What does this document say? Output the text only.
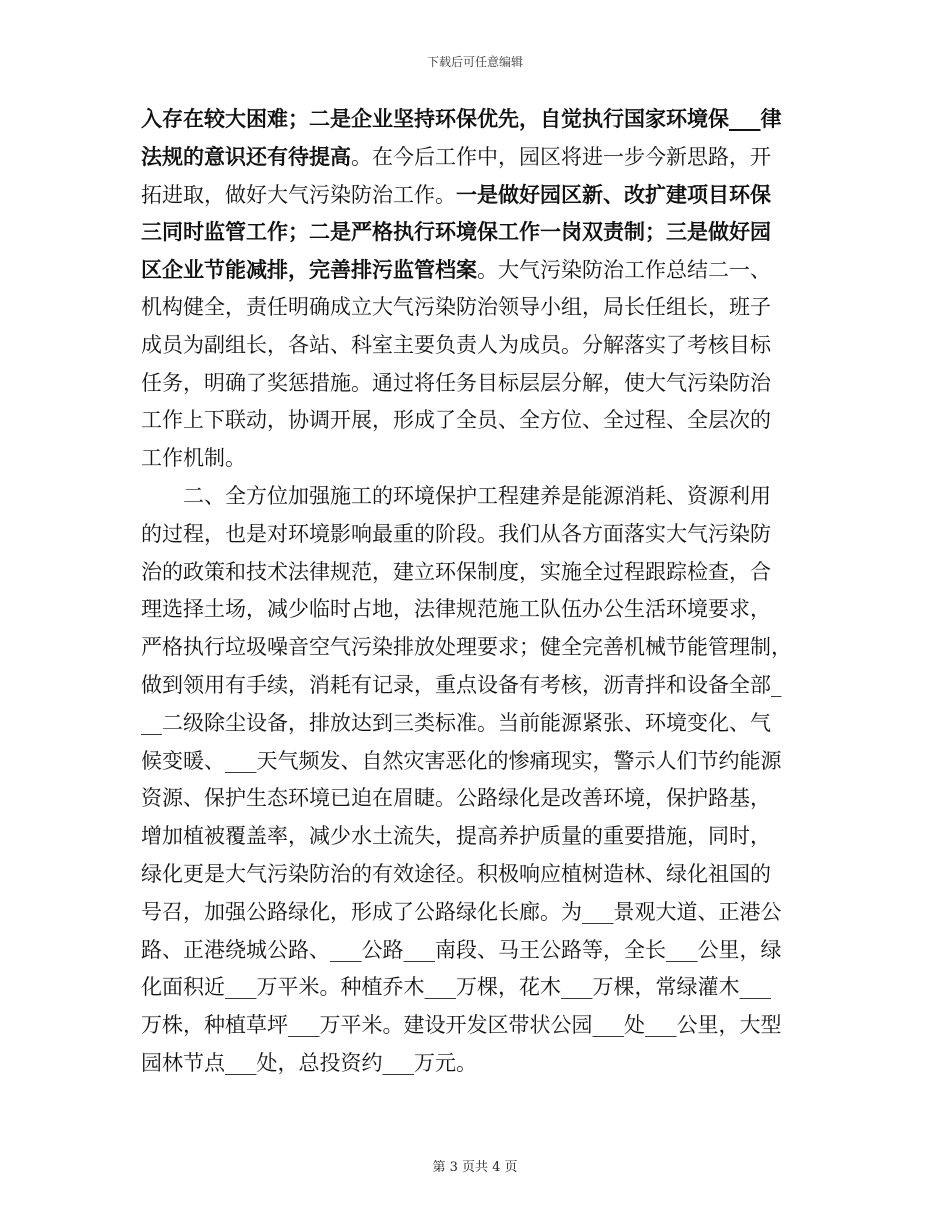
下载后可任意编辑
入存在较大困难；二是企业坚持环保优先，自觉执行国家环境保___律
法规的意识还有待提高。在今后工作中，园区将进一步今新思路，开
拓进取，做好大气污染防治工作。一是做好园区新、改扩建项目环保
三同时监管工作；二是严格执行环境保工作一岗双责制；三是做好园
区企业节能减排，完善排污监管档案。大气污染防治工作总结二一、
机构健全，责任明确成立大气污染防治领导小组，局长任组长，班子
成员为副组长，各站、科室主要负责人为成员。分解落实了考核目标
任务，明确了奖惩措施。通过将任务目标层层分解，使大气污染防治
工作上下联动，协调开展，形成了全员、全方位、全过程、全层次的
工作机制。
二、全方位加强施工的环境保护工程建养是能源消耗、资源利用
的过程，也是对环境影响最重的阶段。我们从各方面落实大气污染防
治的政策和技术法律规范，建立环保制度，实施全过程跟踪检查，合
理选择土场，减少临时占地，法律规范施工队伍办公生活环境要求，
严格执行垃圾噪音空气污染排放处理要求；健全完善机械节能管理制，
做到领用有手续，消耗有记录，重点设备有考核，沥青拌和设备全部_
__二级除尘设备，排放达到三类标准。当前能源紧张、环境变化、气
候变暖、___天气频发、自然灾害恶化的惨痛现实，警示人们节约能源
资源、保护生态环境已迫在眉睫。公路绿化是改善环境，保护路基，
增加植被覆盖率，减少水土流失，提高养护质量的重要措施，同时，
绿化更是大气污染防治的有效途径。积极响应植树造林、绿化祖国的
号召，加强公路绿化，形成了公路绿化长廊。为___景观大道、正港公
路、正港绕城公路、___公路___南段、马王公路等，全长___公里，绿
化面积近___万平米。种植乔木___万棵，花木___万棵，常绿灌木___
万株，种植草坪___万平米。建设开发区带状公园___处___公里，大型
园林节点___处，总投资约___万元。
第 3 页共 4 页
